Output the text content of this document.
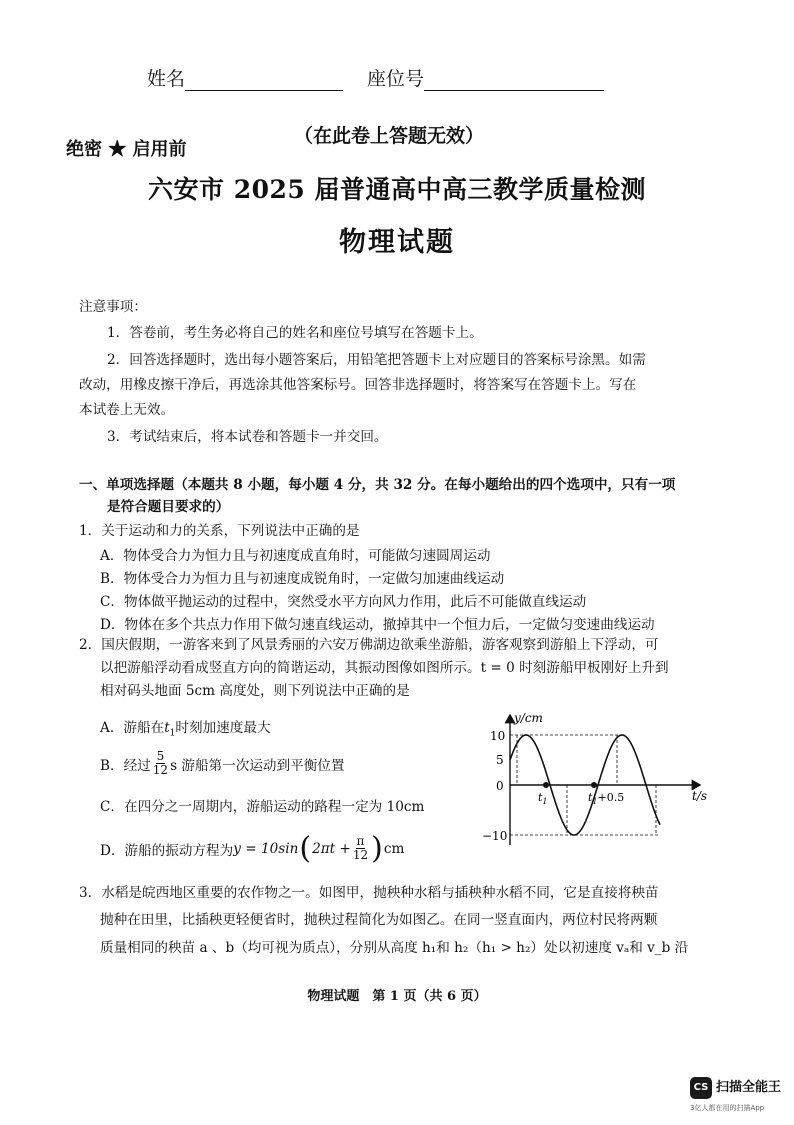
姓名	座位号
（在此卷上答题无效）
绝密 ★ 启用前
六安市 2025 届普通高中高三教学质量检测
物理试题
注意事项：
1．答卷前，考生务必将自己的姓名和座位号填写在答题卡上。
2．回答选择题时，选出每小题答案后，用铅笔把答题卡上对应题目的答案标号涂黑。如需
改动，用橡皮擦干净后，再选涂其他答案标号。回答非选择题时，将答案写在答题卡上。写在
本试卷上无效。
3．考试结束后，将本试卷和答题卡一并交回。
一、单项选择题（本题共 8 小题，每小题 4 分，共 32 分。在每小题给出的四个选项中，只有一项
是符合题目要求的）
1．关于运动和力的关系，下列说法中正确的是
A．物体受合力为恒力且与初速度成直角时，可能做匀速圆周运动
B．物体受合力为恒力且与初速度成锐角时，一定做匀加速曲线运动
C．物体做平抛运动的过程中，突然受水平方向风力作用，此后不可能做直线运动
D．物体在多个共点力作用下做匀速直线运动，撤掉其中一个恒力后，一定做匀变速曲线运动
2．国庆假期，一游客来到了风景秀丽的六安万佛湖边欲乘坐游船，游客观察到游船上下浮动，可
以把游船浮动看成竖直方向的简谐运动，其振动图像如图所示。t = 0 时刻游船甲板刚好上升到
相对码头地面 5cm 高度处，则下列说法中正确的是
A．游船在$t_1$时刻加速度最大
B．经过 $\frac{5}{12}$ s 游船第一次运动到平衡位置
C．在四分之一周期内，游船运动的路程一定为 10cm
D．游船的振动方程为 y = 10sin ( $2\pi t + \frac{\pi}{12}$ ) cm
y/cm
t/s
10
5
0
−10
$t_1$	$t_1+0.5$
3．水稻是皖西地区重要的农作物之一。如图甲，抛秧种水稻与插秧种水稻不同，它是直接将秧苗
抛种在田里，比插秧更轻便省时，抛秧过程简化为如图乙。在同一竖直面内，两位村民将两颗
质量相同的秧苗 a 、b（均可视为质点），分别从高度 h₁和 h₂（h₁ > h₂）处以初速度 vₐ和 v_b 沿
物理试题　第 1 页（共 6 页）
CS 扫描全能王
3亿人都在用的扫描App
